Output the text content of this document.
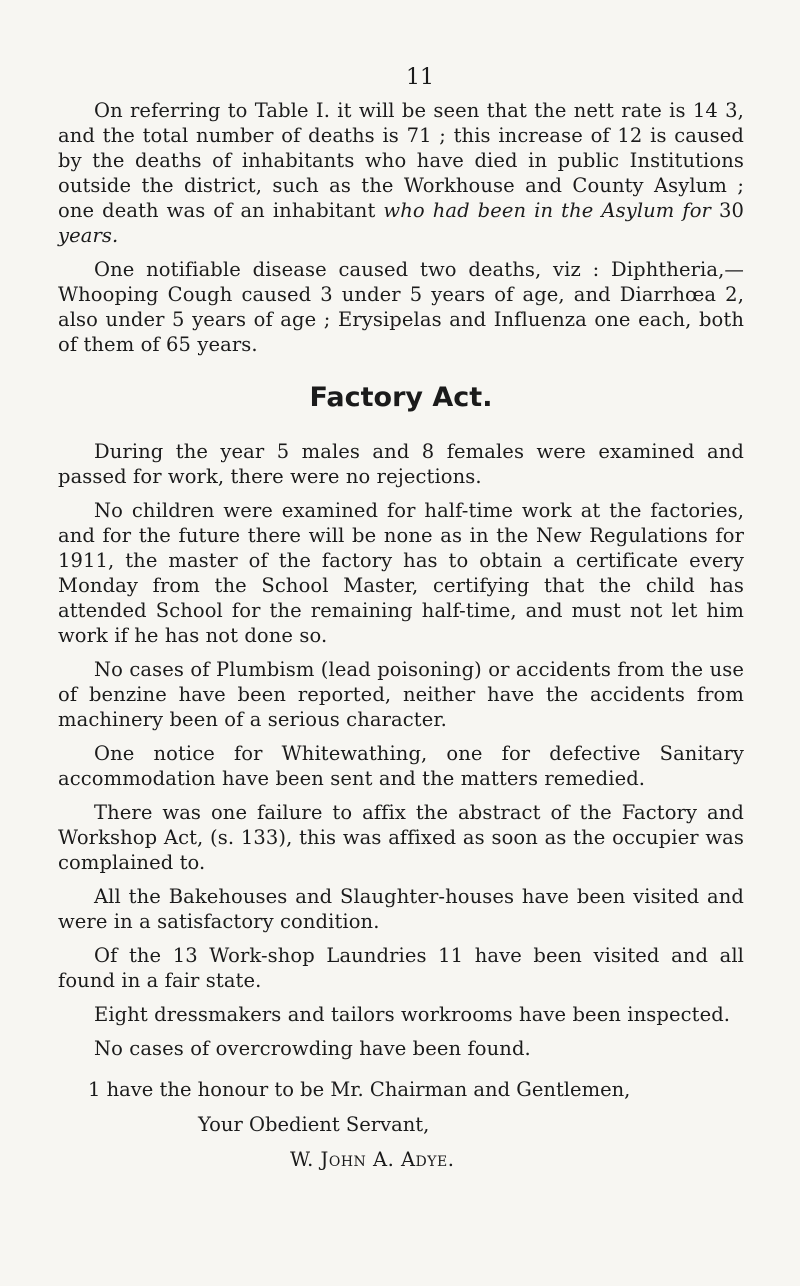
11

On referring to Table I. it will be seen that the nett rate is 14 3, and the total number of deaths is 71 ; this increase of 12 is caused by the deaths of inhabitants who have died in public Institutions outside the district, such as the Workhouse and County Asylum ; one death was of an inhabitant who had been in the Asylum for 30 years.

One notifiable disease caused two deaths, viz : Diphtheria,— Whooping Cough caused 3 under 5 years of age, and Diarrhœa 2, also under 5 years of age ; Erysipelas and Influenza one each, both of them of 65 years.

Factory Act.

During the year 5 males and 8 females were examined and passed for work, there were no rejections.

No children were examined for half-time work at the factories, and for the future there will be none as in the New Regulations for 1911, the master of the factory has to obtain a certificate every Monday from the School Master, certifying that the child has attended School for the remaining half-time, and must not let him work if he has not done so.

No cases of Plumbism (lead poisoning) or accidents from the use of benzine have been reported, neither have the accidents from machinery been of a serious character.

One notice for Whitewathing, one for defective Sanitary accommodation have been sent and the matters remedied.

There was one failure to affix the abstract of the Factory and Workshop Act, (s. 133), this was affixed as soon as the occupier was complained to.

All the Bakehouses and Slaughter-houses have been visited and were in a satisfactory condition.

Of the 13 Work-shop Laundries 11 have been visited and all found in a fair state.

Eight dressmakers and tailors workrooms have been inspected.

No cases of overcrowding have been found.

1 have the honour to be Mr. Chairman and Gentlemen,
Your Obedient Servant,
W. John A. Adye.
